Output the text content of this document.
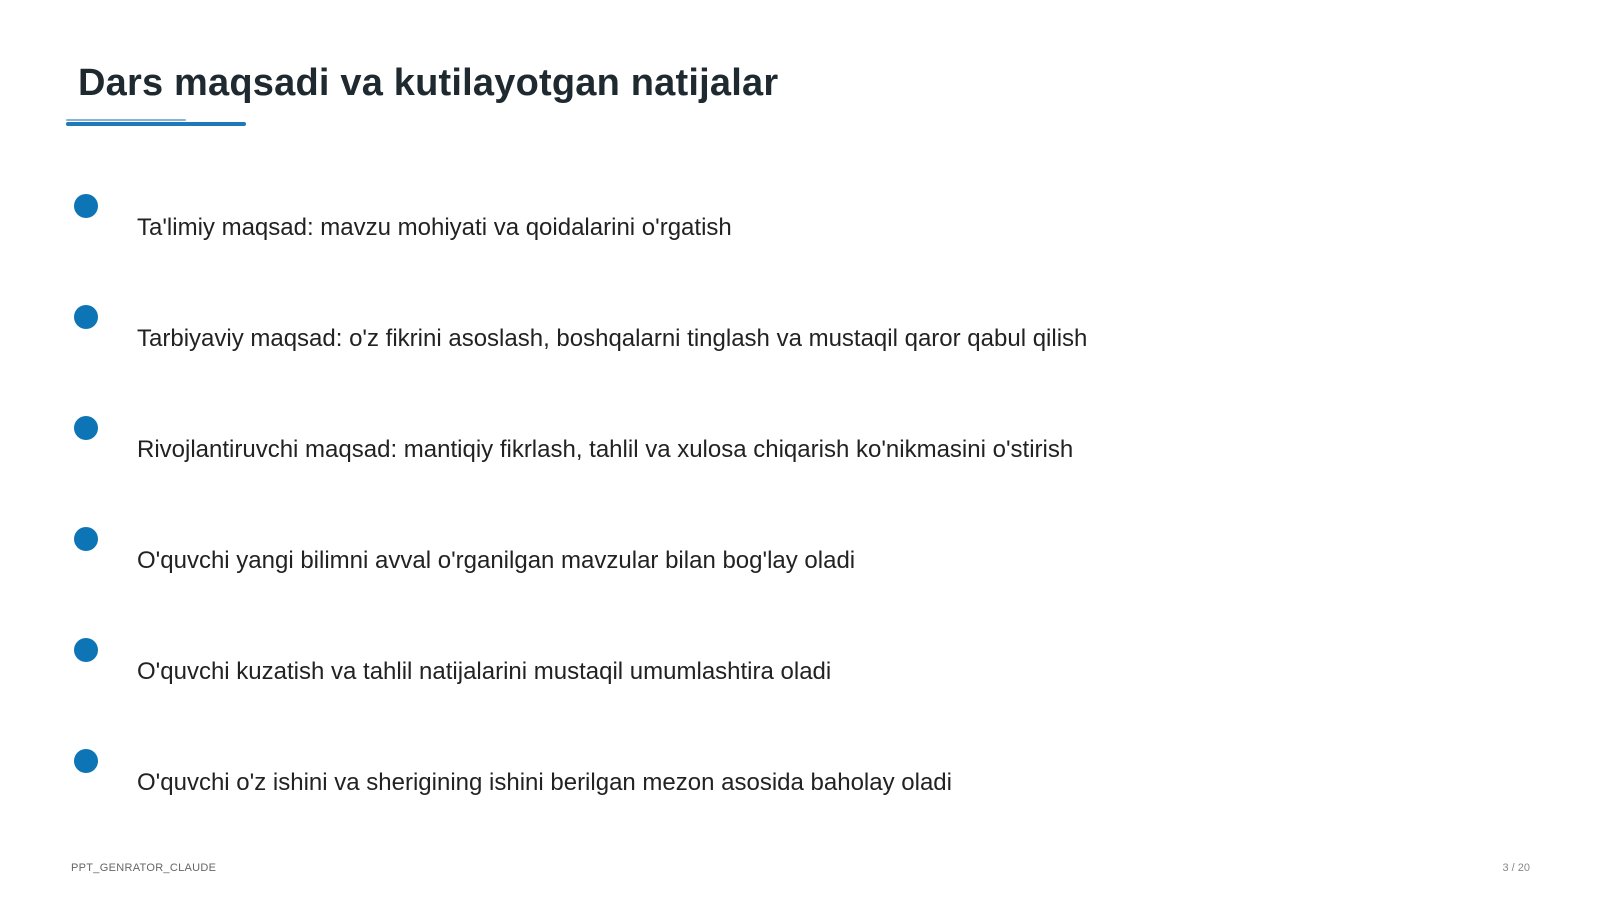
Dars maqsadi va kutilayotgan natijalar
Ta'limiy maqsad: mavzu mohiyati va qoidalarini o'rgatish
Tarbiyaviy maqsad: o'z fikrini asoslash, boshqalarni tinglash va mustaqil qaror qabul qilish
Rivojlantiruvchi maqsad: mantiqiy fikrlash, tahlil va xulosa chiqarish ko'nikmasini o'stirish
O'quvchi yangi bilimni avval o'rganilgan mavzular bilan bog'lay oladi
O'quvchi kuzatish va tahlil natijalarini mustaqil umumlashtira oladi
O'quvchi o'z ishini va sherigining ishini berilgan mezon asosida baholay oladi
PPT_GENRATOR_CLAUDE	3 / 20
